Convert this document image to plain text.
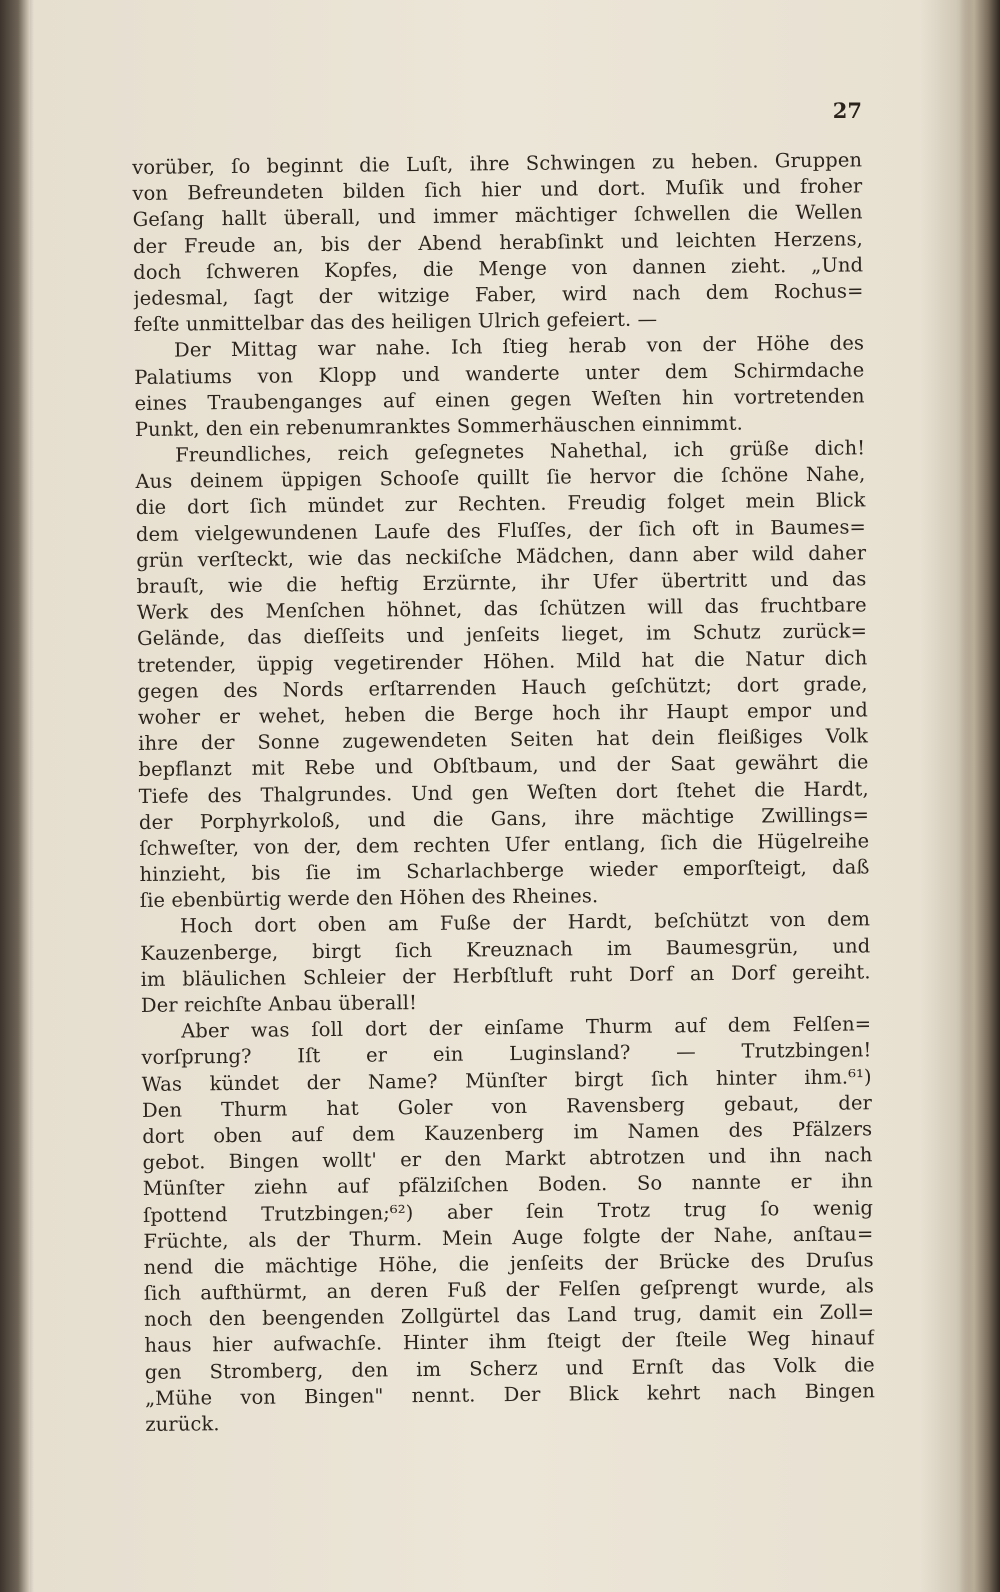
27
vorüber, ſo beginnt die Luſt, ihre Schwingen zu heben. Gruppen
von Befreundeten bilden ſich hier und dort. Muſik und froher
Geſang hallt überall, und immer mächtiger ſchwellen die Wellen
der Freude an, bis der Abend herabſinkt und leichten Herzens,
doch ſchweren Kopfes, die Menge von dannen zieht. „Und
jedesmal, ſagt der witzige Faber, wird nach dem Rochus=
feſte unmittelbar das des heiligen Ulrich gefeiert. —
Der Mittag war nahe. Ich ſtieg herab von der Höhe des
Palatiums von Klopp und wanderte unter dem Schirmdache
eines Traubenganges auf einen gegen Weſten hin vortretenden
Punkt, den ein rebenumranktes Sommerhäuschen einnimmt.
Freundliches, reich geſegnetes Nahethal, ich grüße dich!
Aus deinem üppigen Schooſe quillt ſie hervor die ſchöne Nahe,
die dort ſich mündet zur Rechten. Freudig folget mein Blick
dem vielgewundenen Laufe des Fluſſes, der ſich oft in Baumes=
grün verſteckt, wie das neckiſche Mädchen, dann aber wild daher
brauſt, wie die heftig Erzürnte, ihr Ufer übertritt und das
Werk des Menſchen höhnet, das ſchützen will das fruchtbare
Gelände, das dieſſeits und jenſeits lieget, im Schutz zurück=
tretender, üppig vegetirender Höhen. Mild hat die Natur dich
gegen des Nords erſtarrenden Hauch geſchützt; dort grade,
woher er wehet, heben die Berge hoch ihr Haupt empor und
ihre der Sonne zugewendeten Seiten hat dein fleißiges Volk
bepflanzt mit Rebe und Obſtbaum, und der Saat gewährt die
Tiefe des Thalgrundes. Und gen Weſten dort ſtehet die Hardt,
der Porphyrkoloß, und die Gans, ihre mächtige Zwillings=
ſchweſter, von der, dem rechten Ufer entlang, ſich die Hügelreihe
hinzieht, bis ſie im Scharlachberge wieder emporſteigt, daß
ſie ebenbürtig werde den Höhen des Rheines.
Hoch dort oben am Fuße der Hardt, beſchützt von dem
Kauzenberge, birgt ſich Kreuznach im Baumesgrün, und
im bläulichen Schleier der Herbſtluft ruht Dorf an Dorf gereiht.
Der reichſte Anbau überall!
Aber was ſoll dort der einſame Thurm auf dem Felſen=
vorſprung? Iſt er ein Luginsland? — Trutzbingen!
Was kündet der Name? Münſter birgt ſich hinter ihm.⁶¹)
Den Thurm hat Goler von Ravensberg gebaut, der
dort oben auf dem Kauzenberg im Namen des Pfälzers
gebot. Bingen wollt' er den Markt abtrotzen und ihn nach
Münſter ziehn auf pfälziſchen Boden. So nannte er ihn
ſpottend Trutzbingen;⁶²) aber ſein Trotz trug ſo wenig
Früchte, als der Thurm. Mein Auge folgte der Nahe, anſtau=
nend die mächtige Höhe, die jenſeits der Brücke des Druſus
ſich aufthürmt, an deren Fuß der Felſen geſprengt wurde, als
noch den beengenden Zollgürtel das Land trug, damit ein Zoll=
haus hier aufwachſe. Hinter ihm ſteigt der ſteile Weg hinauf
gen Stromberg, den im Scherz und Ernſt das Volk die
„Mühe von Bingen" nennt. Der Blick kehrt nach Bingen
zurück.
